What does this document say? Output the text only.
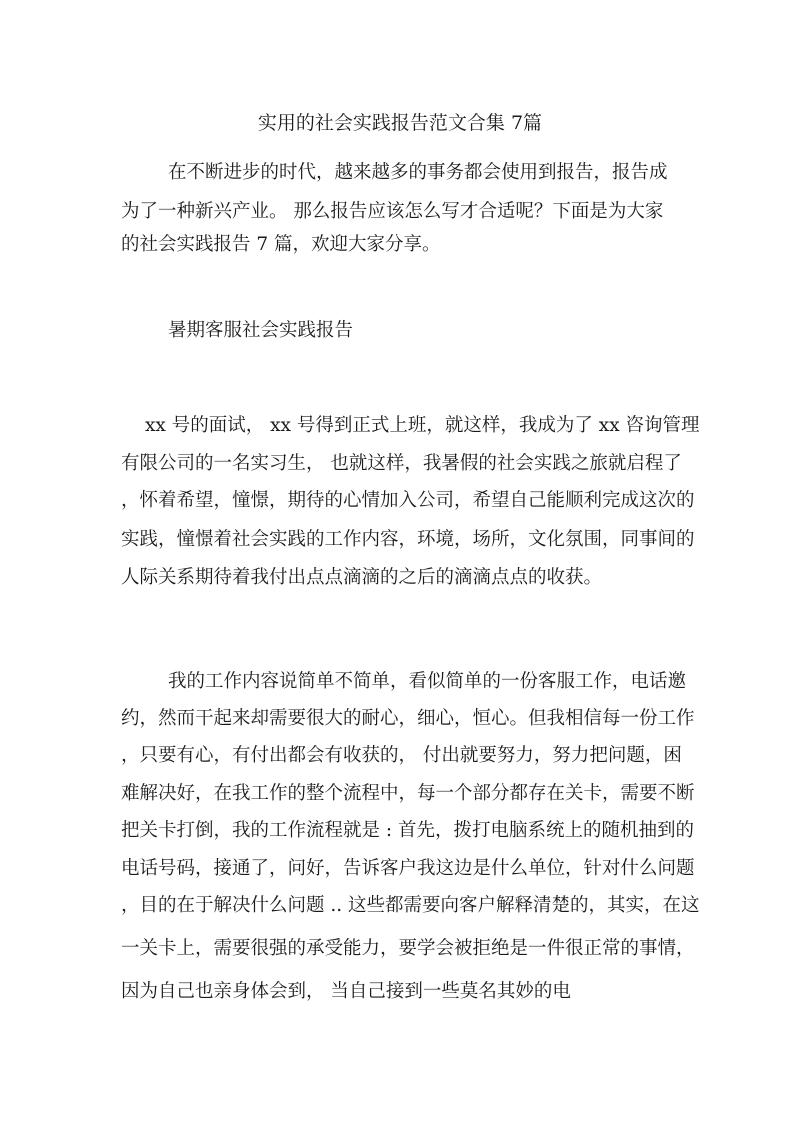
实用的社会实践报告范文合集 7篇
在不断进步的时代，越来越多的事务都会使用到报告，报告成
为了一种新兴产业。 那么报告应该怎么写才合适呢？下面是为大家
的社会实践报告 7 篇，欢迎大家分享。
暑期客服社会实践报告
xx 号的面试， xx 号得到正式上班，就这样，我成为了 xx 咨询管理
有限公司的一名实习生， 也就这样，我暑假的社会实践之旅就启程了
，怀着希望，憧憬，期待的心情加入公司，希望自己能顺利完成这次的
实践，憧憬着社会实践的工作内容，环境，场所，文化氛围，同事间的
人际关系期待着我付出点点滴滴的之后的滴滴点点的收获。
我的工作内容说简单不简单，看似简单的一份客服工作，电话邀
约，然而干起来却需要很大的耐心，细心，恒心。但我相信每一份工作
，只要有心，有付出都会有收获的， 付出就要努力，努力把问题，困
难解决好，在我工作的整个流程中，每一个部分都存在关卡，需要不断
把关卡打倒，我的工作流程就是 : 首先，拨打电脑系统上的随机抽到的
电话号码，接通了，问好，告诉客户我这边是什么单位，针对什么问题
，目的在于解决什么问题 .. 这些都需要向客户解释清楚的，其实，在这
一关卡上，需要很强的承受能力，要学会被拒绝是一件很正常的事情，
因为自己也亲身体会到， 当自己接到一些莫名其妙的电
